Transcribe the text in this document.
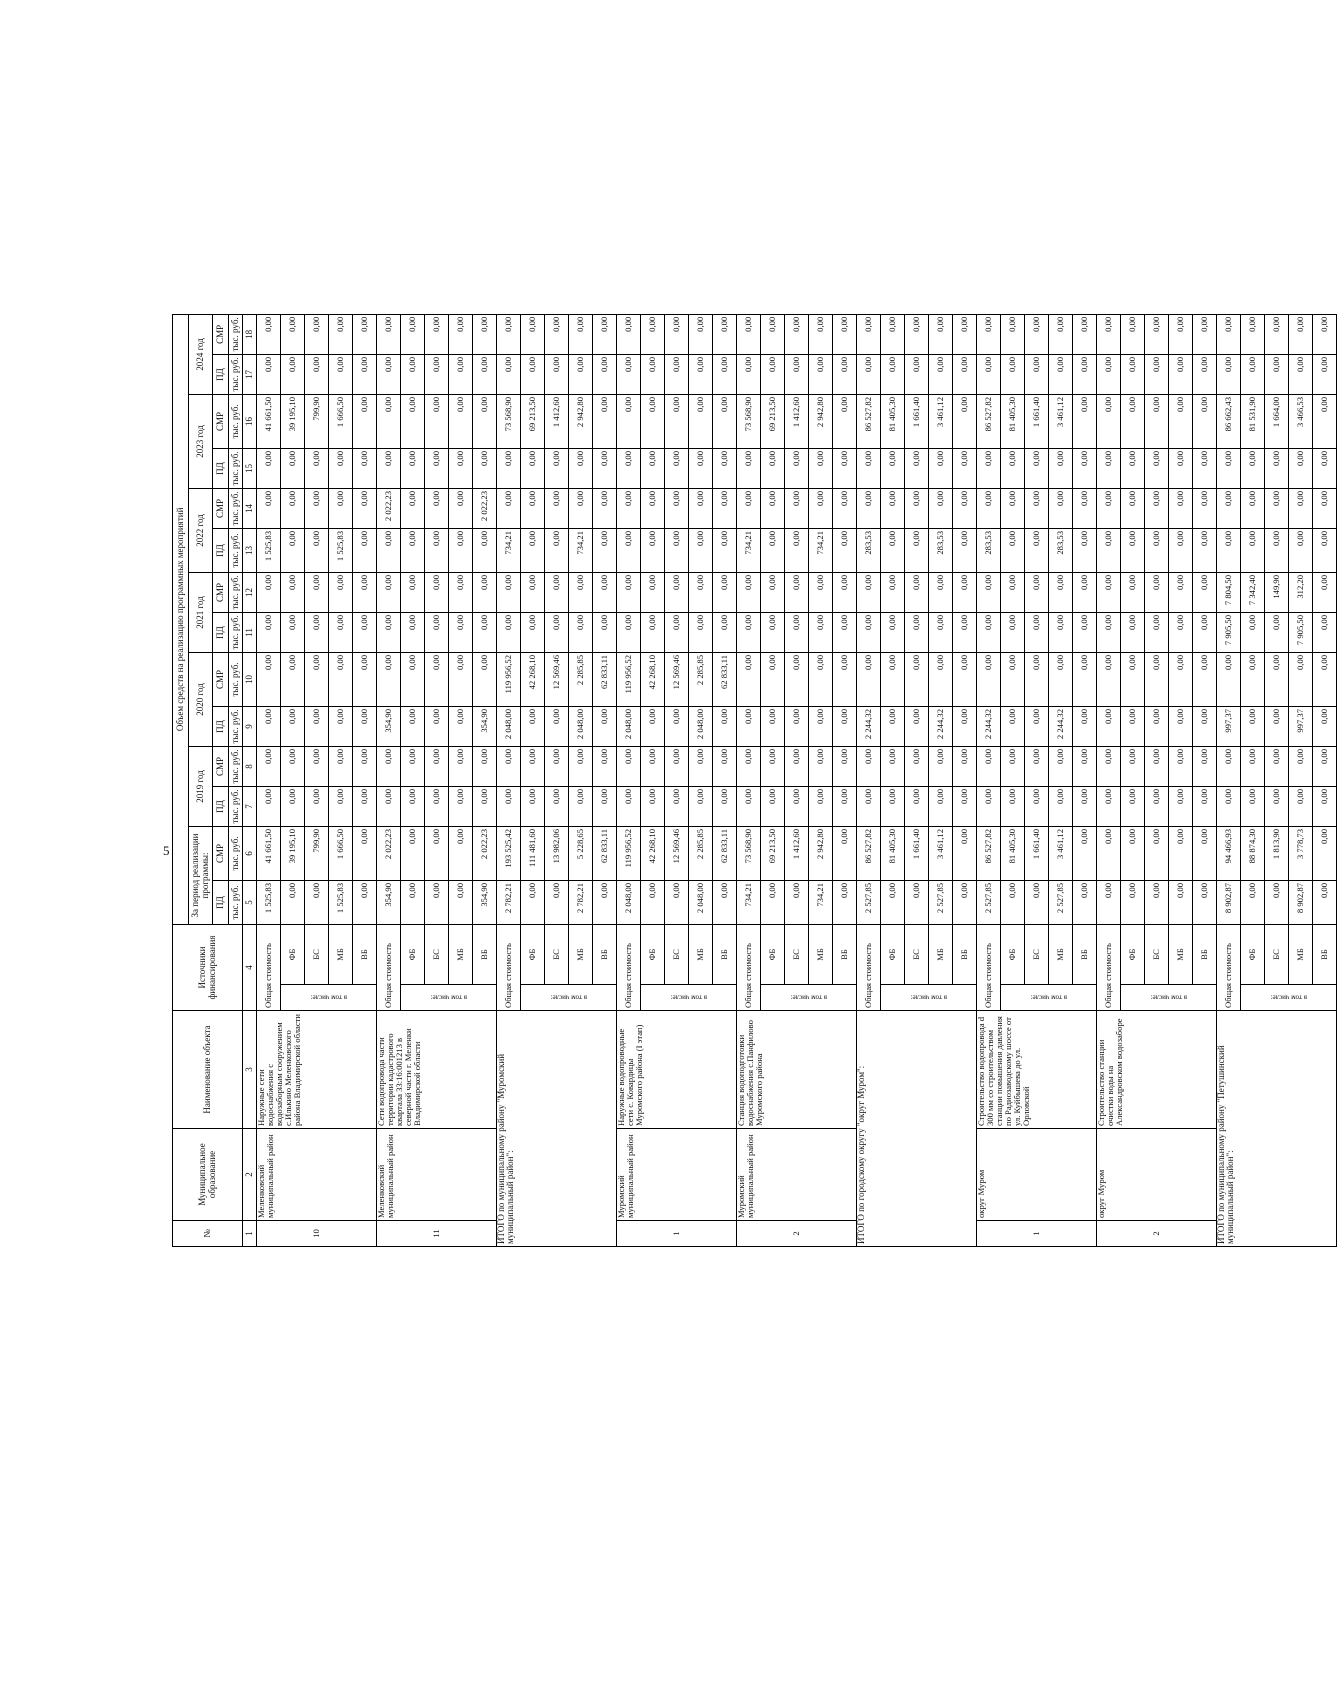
5
№	Муниципальное образование	Наименование объекта	Источники финансирования		Объем средств на реализацию программных мероприятий													
					За период реализации программы:		2019 год		2020 год		2021 год		2022 год		2023 год		2024 год	
					ПД	СМР	ПД	СМР	ПД	СМР	ПД	СМР	ПД	СМР	ПД	СМР	ПД	СМР
					тыс. руб.	тыс. руб.	тыс. руб.	тыс. руб.	тыс. руб.	тыс. руб.	тыс. руб.	тыс. руб.	тыс. руб.	тыс. руб.	тыс. руб.	тыс. руб.	тыс. руб.	тыс. руб.
1	2	3	4		5	6	7	8	9	10	11	12	13	14	15	16	17	18
10	Меленковский муниципальный район	Наружные сети водоснабжения с водозаборным сооружением с.Илькино Меленковского района Владимирской области	Общая стоимость		1 525,83	41 661,50	0,00	0,00	0,00	0,00	0,00	0,00	1 525,83	0,00	0,00	41 661,50	0,00	0,00
			в том числе:	ФБ	0,00	39 195,10	0,00	0,00	0,00	0,00	0,00	0,00	0,00	0,00	0,00	39 195,10	0,00	0,00
				БС	0,00	799,90	0,00	0,00	0,00	0,00	0,00	0,00	0,00	0,00	0,00	799,90	0,00	0,00
				МБ	1 525,83	1 666,50	0,00	0,00	0,00	0,00	0,00	0,00	1 525,83	0,00	0,00	1 666,50	0,00	0,00
				ВБ	0,00	0,00	0,00	0,00	0,00	0,00	0,00	0,00	0,00	0,00	0,00	0,00	0,00	0,00
11	Меленковский муниципальный район	Сети водопровода части территории кадастрового квартала 33:16:001213 в северной части г. Меленки Владимирской области	Общая стоимость		354,90	2 022,23	0,00	0,00	354,90	0,00	0,00	0,00	0,00	2 022,23	0,00	0,00	0,00	0,00
			в том числе:	ФБ	0,00	0,00	0,00	0,00	0,00	0,00	0,00	0,00	0,00	0,00	0,00	0,00	0,00	0,00
				БС	0,00	0,00	0,00	0,00	0,00	0,00	0,00	0,00	0,00	0,00	0,00	0,00	0,00	0,00
				МБ	0,00	0,00	0,00	0,00	0,00	0,00	0,00	0,00	0,00	0,00	0,00	0,00	0,00	0,00
				ВБ	354,90	2 022,23	0,00	0,00	354,90	0,00	0,00	0,00	0,00	2 022,23	0,00	0,00	0,00	0,00
ИТОГО по муниципальному району "Муромский муниципальный район":			Общая стоимость		2 782,21	193 525,42	0,00	0,00	2 048,00	119 956,52	0,00	0,00	734,21	0,00	0,00	73 568,90	0,00	0,00
			в том числе:	ФБ	0,00	111 481,60	0,00	0,00	0,00	42 268,10	0,00	0,00	0,00	0,00	0,00	69 213,50	0,00	0,00
				БС	0,00	13 982,06	0,00	0,00	0,00	12 569,46	0,00	0,00	0,00	0,00	0,00	1 412,60	0,00	0,00
				МБ	2 782,21	5 228,65	0,00	0,00	2 048,00	2 285,85	0,00	0,00	734,21	0,00	0,00	2 942,80	0,00	0,00
				ВБ	0,00	62 833,11	0,00	0,00	0,00	62 833,11	0,00	0,00	0,00	0,00	0,00	0,00	0,00	0,00
1	Муромский муниципальный район	Наружные водопроводные сети с. Ковардицы Муромского района (I этап)	Общая стоимость		2 048,00	119 956,52	0,00	0,00	2 048,00	119 956,52	0,00	0,00	0,00	0,00	0,00	0,00	0,00	0,00
			в том числе:	ФБ	0,00	42 268,10	0,00	0,00	0,00	42 268,10	0,00	0,00	0,00	0,00	0,00	0,00	0,00	0,00
				БС	0,00	12 569,46	0,00	0,00	0,00	12 569,46	0,00	0,00	0,00	0,00	0,00	0,00	0,00	0,00
				МБ	2 048,00	2 285,85	0,00	0,00	2 048,00	2 285,85	0,00	0,00	0,00	0,00	0,00	0,00	0,00	0,00
				ВБ	0,00	62 833,11	0,00	0,00	0,00	62 833,11	0,00	0,00	0,00	0,00	0,00	0,00	0,00	0,00
2	Муромский муниципальный район	Станция водоподготовки водоснабжения с.Панфилово Муромского района	Общая стоимость		734,21	73 568,90	0,00	0,00	0,00	0,00	0,00	0,00	734,21	0,00	0,00	73 568,90	0,00	0,00
			в том числе:	ФБ	0,00	69 213,50	0,00	0,00	0,00	0,00	0,00	0,00	0,00	0,00	0,00	69 213,50	0,00	0,00
				БС	0,00	1 412,60	0,00	0,00	0,00	0,00	0,00	0,00	0,00	0,00	0,00	1 412,60	0,00	0,00
				МБ	734,21	2 942,80	0,00	0,00	0,00	0,00	0,00	0,00	734,21	0,00	0,00	2 942,80	0,00	0,00
				ВБ	0,00	0,00	0,00	0,00	0,00	0,00	0,00	0,00	0,00	0,00	0,00	0,00	0,00	0,00
ИТОГО по городскому округу "округ Муром":			Общая стоимость		2 527,85	86 527,82	0,00	0,00	2 244,32	0,00	0,00	0,00	283,53	0,00	0,00	86 527,82	0,00	0,00
			в том числе:	ФБ	0,00	81 405,30	0,00	0,00	0,00	0,00	0,00	0,00	0,00	0,00	0,00	81 405,30	0,00	0,00
				БС	0,00	1 661,40	0,00	0,00	0,00	0,00	0,00	0,00	0,00	0,00	0,00	1 661,40	0,00	0,00
				МБ	2 527,85	3 461,12	0,00	0,00	2 244,32	0,00	0,00	0,00	283,53	0,00	0,00	3 461,12	0,00	0,00
				ВБ	0,00	0,00	0,00	0,00	0,00	0,00	0,00	0,00	0,00	0,00	0,00	0,00	0,00	0,00
1	округ Муром	Строительство водопровода d 300 мм со строительством станции повышения давления по Радиозаводскому шоссе от ул. Куйбышева до ул. Орловской	Общая стоимость		2 527,85	86 527,82	0,00	0,00	2 244,32	0,00	0,00	0,00	283,53	0,00	0,00	86 527,82	0,00	0,00
			в том числе:	ФБ	0,00	81 405,30	0,00	0,00	0,00	0,00	0,00	0,00	0,00	0,00	0,00	81 405,30	0,00	0,00
				БС	0,00	1 661,40	0,00	0,00	0,00	0,00	0,00	0,00	0,00	0,00	0,00	1 661,40	0,00	0,00
				МБ	2 527,85	3 461,12	0,00	0,00	2 244,32	0,00	0,00	0,00	283,53	0,00	0,00	3 461,12	0,00	0,00
				ВБ	0,00	0,00	0,00	0,00	0,00	0,00	0,00	0,00	0,00	0,00	0,00	0,00	0,00	0,00
2	округ Муром	Строительство станции очистки воды на Александровском водозаборе	Общая стоимость		0,00	0,00	0,00	0,00	0,00	0,00	0,00	0,00	0,00	0,00	0,00	0,00	0,00	0,00
			в том числе:	ФБ	0,00	0,00	0,00	0,00	0,00	0,00	0,00	0,00	0,00	0,00	0,00	0,00	0,00	0,00
				БС	0,00	0,00	0,00	0,00	0,00	0,00	0,00	0,00	0,00	0,00	0,00	0,00	0,00	0,00
				МБ	0,00	0,00	0,00	0,00	0,00	0,00	0,00	0,00	0,00	0,00	0,00	0,00	0,00	0,00
				ВБ	0,00	0,00	0,00	0,00	0,00	0,00	0,00	0,00	0,00	0,00	0,00	0,00	0,00	0,00
ИТОГО по муниципальному району "Петушинский муниципальный район":			Общая стоимость		8 902,87	94 466,93	0,00	0,00	997,37	0,00	7 905,50	7 804,50	0,00	0,00	0,00	86 662,43	0,00	0,00
			в том числе:	ФБ	0,00	88 874,30	0,00	0,00	0,00	0,00	0,00	7 342,40	0,00	0,00	0,00	81 531,90	0,00	0,00
				БС	0,00	1 813,90	0,00	0,00	0,00	0,00	0,00	149,90	0,00	0,00	0,00	1 664,00	0,00	0,00
				МБ	8 902,87	3 778,73	0,00	0,00	997,37	0,00	7 905,50	312,20	0,00	0,00	0,00	3 466,53	0,00	0,00
				ВБ	0,00	0,00	0,00	0,00	0,00	0,00	0,00	0,00	0,00	0,00	0,00	0,00	0,00	0,00
